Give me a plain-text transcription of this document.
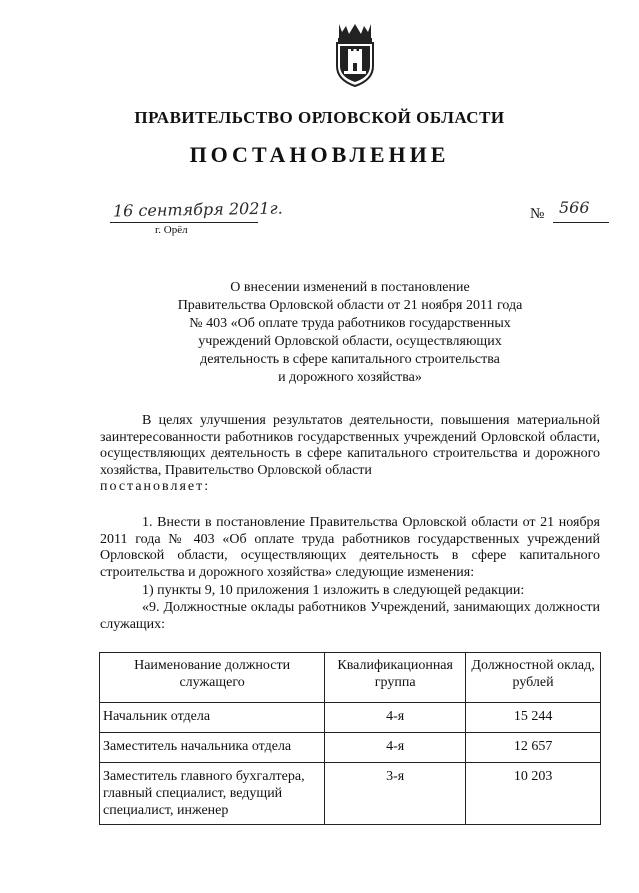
ПРАВИТЕЛЬСТВО ОРЛОВСКОЙ ОБЛАСТИ
ПОСТАНОВЛЕНИЕ
16 сентября 2021г.
г. Орёл
№ 566
О внесении изменений в постановление
Правительства Орловской области от 21 ноября 2011 года
№ 403 «Об оплате труда работников государственных
учреждений Орловской области, осуществляющих
деятельность в сфере капитального строительства
и дорожного хозяйства»
В целях улучшения результатов деятельности, повышения материальной заинтересованности работников государственных учреждений Орловской области, осуществляющих деятельность в сфере капитального строительства и дорожного хозяйства, Правительство Орловской области
постановляет:
1. Внести в постановление Правительства Орловской области от 21 ноября 2011 года № 403 «Об оплате труда работников государственных учреждений Орловской области, осуществляющих деятельность в сфере капитального строительства и дорожного хозяйства» следующие изменения:
1) пункты 9, 10 приложения 1 изложить в следующей редакции:
«9. Должностные оклады работников Учреждений, занимающих должности служащих:
Наименование должности служащего	Квалификационная группа	Должностной оклад, рублей
Начальник отдела	4-я	15 244
Заместитель начальника отдела	4-я	12 657
Заместитель главного бухгалтера, главный специалист, ведущий специалист, инженер	3-я	10 203
